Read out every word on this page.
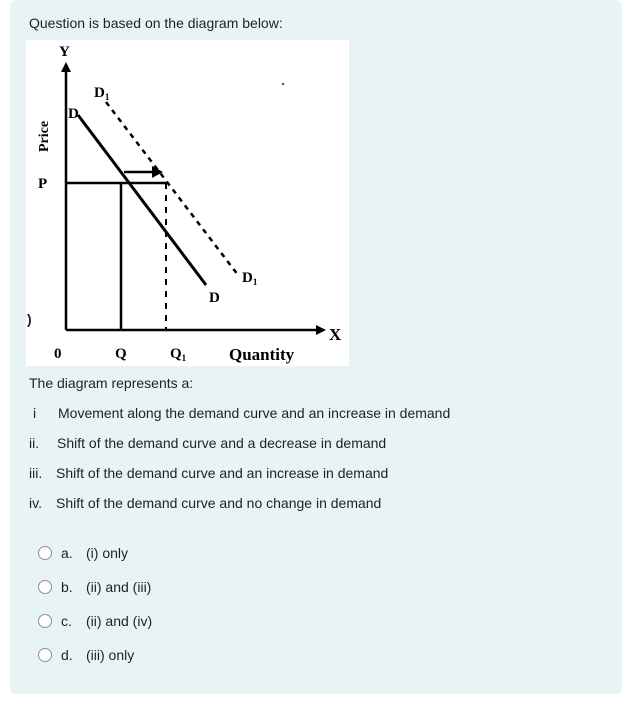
Question is based on the diagram below:
Y
X
Price
P
0	Q	$Q_1$	Quantity
D
D
$D_1$
$D_1$
)
The diagram represents a:
i Movement along the demand curve and an increase in demand
ii. Shift of the demand curve and a decrease in demand
iii. Shift of the demand curve and an increase in demand
iv. Shift of the demand curve and no change in demand
a. (i) only
b. (ii) and (iii)
c.	(ii) and (iv)
d. (iii) only
